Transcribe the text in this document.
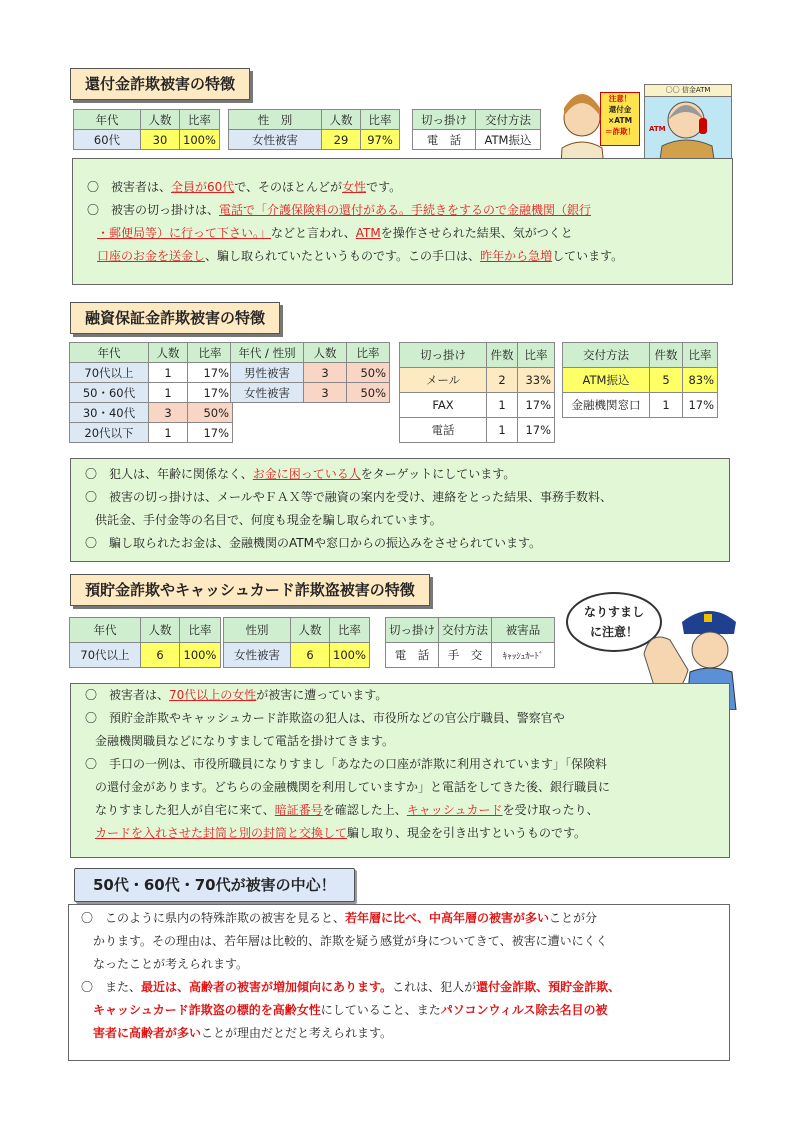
還付金詐欺被害の特徴
年代	人数	比率
60代	30	100%
性　別	人数	比率
女性被害	29	97%
切っ掛け	交付方法
電　話	ATM振込
注意！
還付金
×ATM
＝詐欺！
〇〇 信金ATM
ATM

〇　被害者は、全員が60代で、そのほとんどが女性です。

〇　被害の切っ掛けは、電話で「介護保険料の還付がある。手続きをするので金融機関（銀行

・郵便局等）に行って下さい。」などと言われ、ATMを操作させられた結果、気がつくと

口座のお金を送金し、騙し取られていたというものです。この手口は、昨年から急増しています。

融資保証金詐欺被害の特徴
年代	人数	比率
70代以上	1	17%
50・60代	1	17%
30・40代	3	50%
20代以下	1	17%
年代 / 性別	人数	比率
男性被害	3	50%
女性被害	3	50%
切っ掛け	件数	比率
メール	2	33%
FAX	1	17%
電話	1	17%
交付方法	件数	比率
ATM振込	5	83%
金融機関窓口	1	17%

〇　犯人は、年齢に関係なく、お金に困っている人をターゲットにしています。

〇　被害の切っ掛けは、メールやＦＡＸ等で融資の案内を受け、連絡をとった結果、事務手数料、

供託金、手付金等の名目で、何度も現金を騙し取られています。

〇　騙し取られたお金は、金融機関のATMや窓口からの振込みをさせられています。

預貯金詐欺やキャッシュカード詐欺盗被害の特徴
年代	人数	比率
70代以上	6	100%
性別	人数	比率
女性被害	6	100%
切っ掛け	交付方法	被害品
電　話	手　交	ｷｬｯｼｭｶｰﾄﾞ
なりすまし
に注意！

〇　被害者は、70代以上の女性が被害に遭っています。

〇　預貯金詐欺やキャッシュカード詐欺盗の犯人は、市役所などの官公庁職員、警察官や

金融機関職員などになりすまして電話を掛けてきます。

〇　手口の一例は、市役所職員になりすまし「あなたの口座が詐欺に利用されています」「保険料

の還付金があります。どちらの金融機関を利用していますか」と電話をしてきた後、銀行職員に

なりすました犯人が自宅に来て、暗証番号を確認した上、キャッシュカードを受け取ったり、

カードを入れさせた封筒と別の封筒と交換して騙し取り、現金を引き出すというものです。

50代・60代・70代が被害の中心！

〇　このように県内の特殊詐欺の被害を見ると、若年層に比べ、中高年層の被害が多いことが分

かります。その理由は、若年層は比較的、詐欺を疑う感覚が身についてきて、被害に遭いにくく

なったことが考えられます。

〇　また、最近は、高齢者の被害が増加傾向にあります。これは、犯人が還付金詐欺、預貯金詐欺、

キャッシュカード詐欺盗の標的を高齢女性にしていること、またパソコンウィルス除去名目の被

害者に高齢者が多いことが理由だとだと考えられます。
